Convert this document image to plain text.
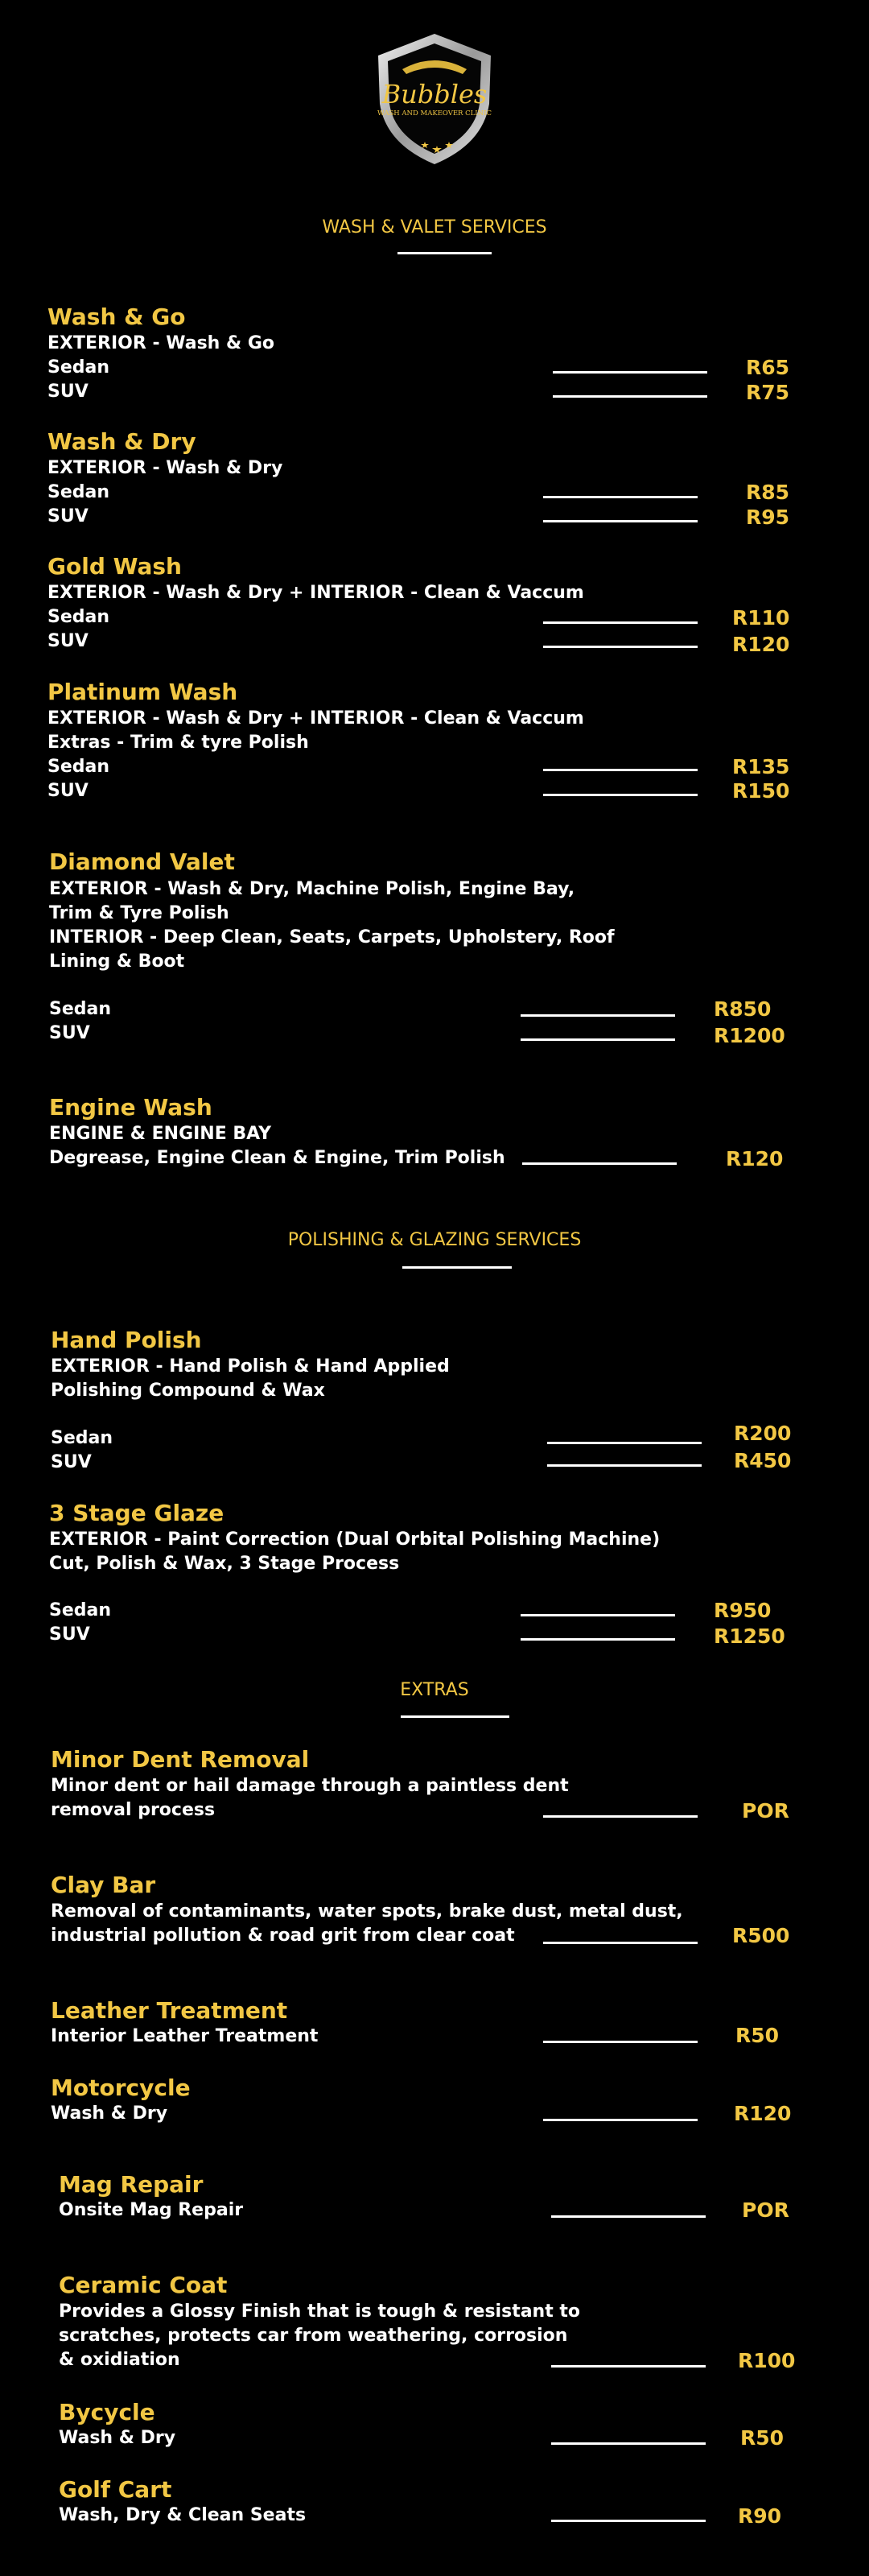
Bubbles
WASH AND MAKEOVER CLINIC
WASH & VALET SERVICES
Wash & Go
EXTERIOR - Wash & Go
Sedan	R65
SUV	R75
Wash & Dry
EXTERIOR - Wash & Dry
Sedan	R85
SUV	R95
Gold Wash
EXTERIOR - Wash & Dry + INTERIOR - Clean & Vaccum
Sedan	R110
SUV	R120
Platinum Wash
EXTERIOR - Wash & Dry + INTERIOR - Clean & Vaccum
Extras - Trim & tyre Polish
Sedan	R135
SUV	R150
Diamond Valet
EXTERIOR - Wash & Dry, Machine Polish, Engine Bay,
Trim & Tyre Polish
INTERIOR - Deep Clean, Seats, Carpets, Upholstery, Roof
Lining & Boot
Sedan	R850
SUV	R1200
Engine Wash
ENGINE & ENGINE BAY
Degrease, Engine Clean & Engine, Trim Polish	R120
POLISHING & GLAZING SERVICES
Hand Polish
EXTERIOR - Hand Polish & Hand Applied
Polishing Compound & Wax
Sedan	R200
SUV	R450
3 Stage Glaze
EXTERIOR - Paint Correction (Dual Orbital Polishing Machine)
Cut, Polish & Wax, 3 Stage Process
Sedan	R950
SUV	R1250
EXTRAS
Minor Dent Removal
Minor dent or hail damage through a paintless dent
removal process	POR
Clay Bar
Removal of contaminants, water spots, brake dust, metal dust,
industrial pollution & road grit from clear coat	R500
Leather Treatment
Interior Leather Treatment	R50
Motorcycle
Wash & Dry	R120
Mag Repair
Onsite Mag Repair	POR
Ceramic Coat
Provides a Glossy Finish that is tough & resistant to
scratches, protects car from weathering, corrosion
& oxidiation	R100
Bycycle
Wash & Dry	R50
Golf Cart
Wash, Dry & Clean Seats	R90
